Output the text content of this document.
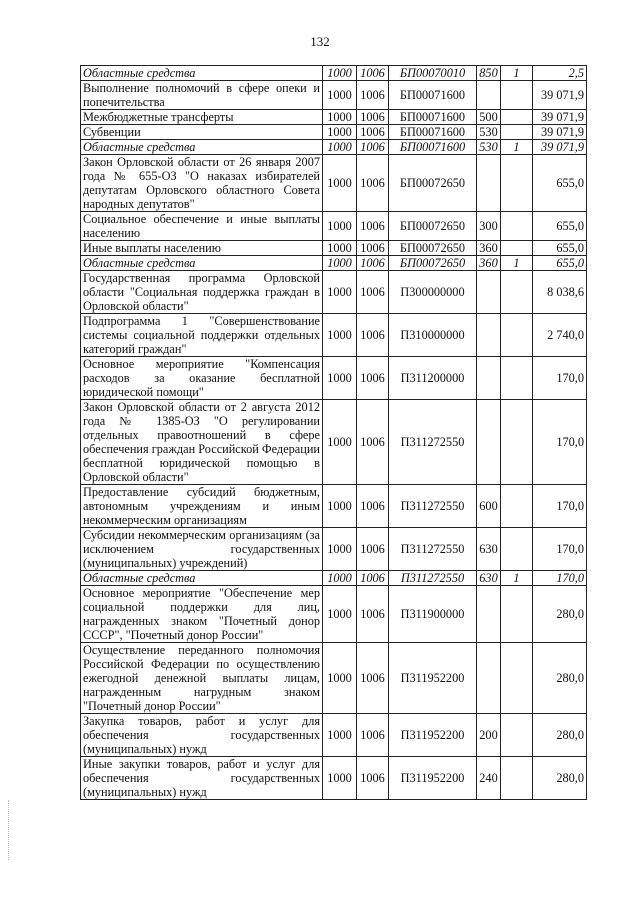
132
Областные средства	1000	1006	БП00070010	850	1	2,5
Выполнение полномочий в сфере опеки и попечительства	1000	1006	БП00071600			39 071,9
Межбюджетные трансферты	1000	1006	БП00071600	500		39 071,9
Субвенции	1000	1006	БП00071600	530		39 071,9
Областные средства	1000	1006	БП00071600	530	1	39 071,9
Закон Орловской области от 26 января 2007 года № 655-ОЗ "О наказах избирателей депутатам Орловского областного Совета народных депутатов"	1000	1006	БП00072650			655,0
Социальное обеспечение и иные выплаты населению	1000	1006	БП00072650	300		655,0
Иные выплаты населению	1000	1006	БП00072650	360		655,0
Областные средства	1000	1006	БП00072650	360	1	655,0
Государственная программа Орловской области "Социальная поддержка граждан в Орловской области"	1000	1006	П300000000			8 038,6
Подпрограмма 1 "Совершенствование системы социальной поддержки отдельных категорий граждан"	1000	1006	П310000000			2 740,0
Основное мероприятие "Компенсация расходов за оказание бесплатной юридической помощи"	1000	1006	П311200000			170,0
Закон Орловской области от 2 августа 2012 года № 1385-ОЗ "О регулировании отдельных правоотношений в сфере обеспечения граждан Российской Федерации бесплатной юридической помощью в Орловской области"	1000	1006	П311272550			170,0
Предоставление субсидий бюджетным, автономным учреждениям и иным некоммерческим организациям	1000	1006	П311272550	600		170,0
Субсидии некоммерческим организациям (за исключением государственных (муниципальных) учреждений)	1000	1006	П311272550	630		170,0
Областные средства	1000	1006	П311272550	630	1	170,0
Основное мероприятие "Обеспечение мер социальной поддержки для лиц, награжденных знаком "Почетный донор СССР", "Почетный донор России"	1000	1006	П311900000			280,0
Осуществление переданного полномочия Российской Федерации по осуществлению ежегодной денежной выплаты лицам, награжденным нагрудным знаком "Почетный донор России"	1000	1006	П311952200			280,0
Закупка товаров, работ и услуг для обеспечения государственных (муниципальных) нужд	1000	1006	П311952200	200		280,0
Иные закупки товаров, работ и услуг для обеспечения государственных (муниципальных) нужд	1000	1006	П311952200	240		280,0
